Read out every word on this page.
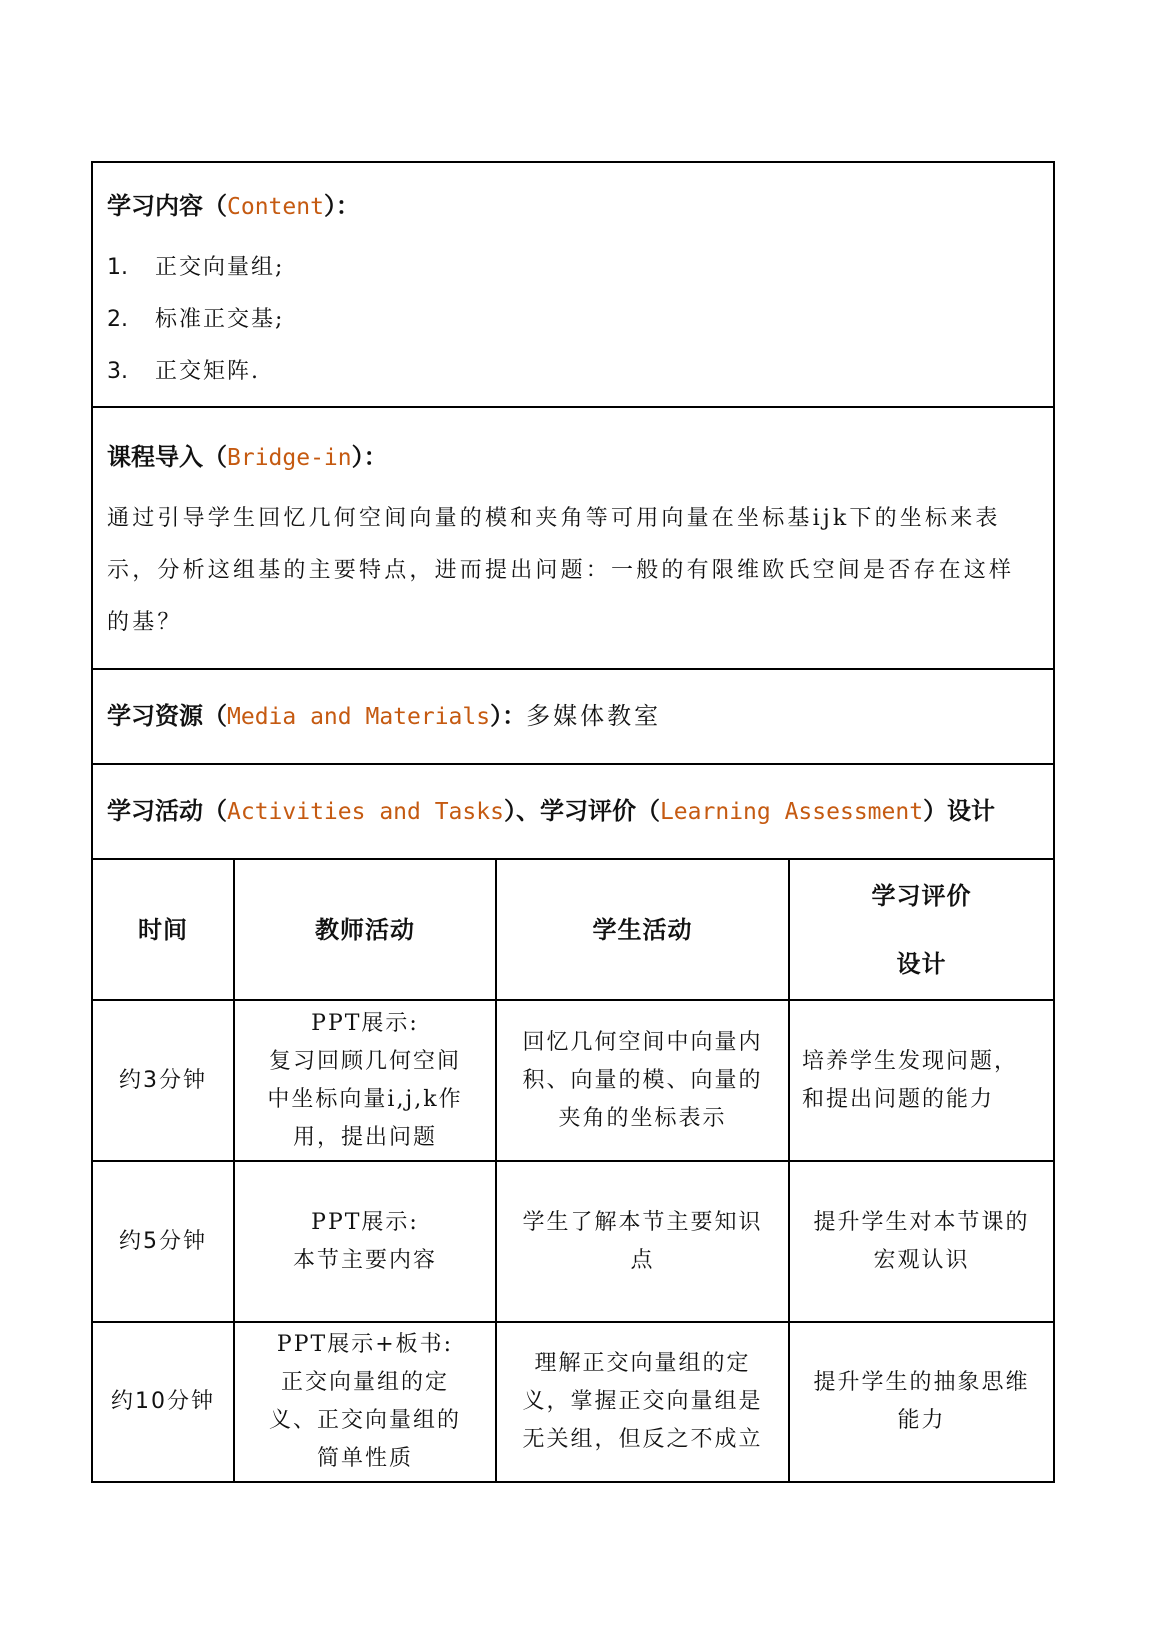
学习内容（Content）：
1.	正交向量组;
2.	标准正交基;
3.	正交矩阵.
课程导入（Bridge-in）：
通过引导学生回忆几何空间向量的模和夹角等可用向量在坐标基ijk下的坐标来表示，分析这组基的主要特点，进而提出问题：一般的有限维欧氏空间是否存在这样的基？
学习资源（Media and Materials）：多媒体教室
学习活动（Activities and Tasks）、学习评价（Learning Assessment）设计
时间	教师活动	学生活动	学习评价
设计

约3分钟	PPT展示:
复习回顾几何空间
中坐标向量i,j,k作
用，提出问题	回忆几何空间中向量内
积、向量的模、向量的
夹角的坐标表示	培养学生发现问题，
和提出问题的能力

约5分钟	PPT展示:
本节主要内容	学生了解本节主要知识
点	提升学生对本节课的
宏观认识

约10分钟	PPT展示+板书:
正交向量组的定
义、正交向量组的
简单性质	理解正交向量组的定
义，掌握正交向量组是
无关组，但反之不成立	提升学生的抽象思维
能力
